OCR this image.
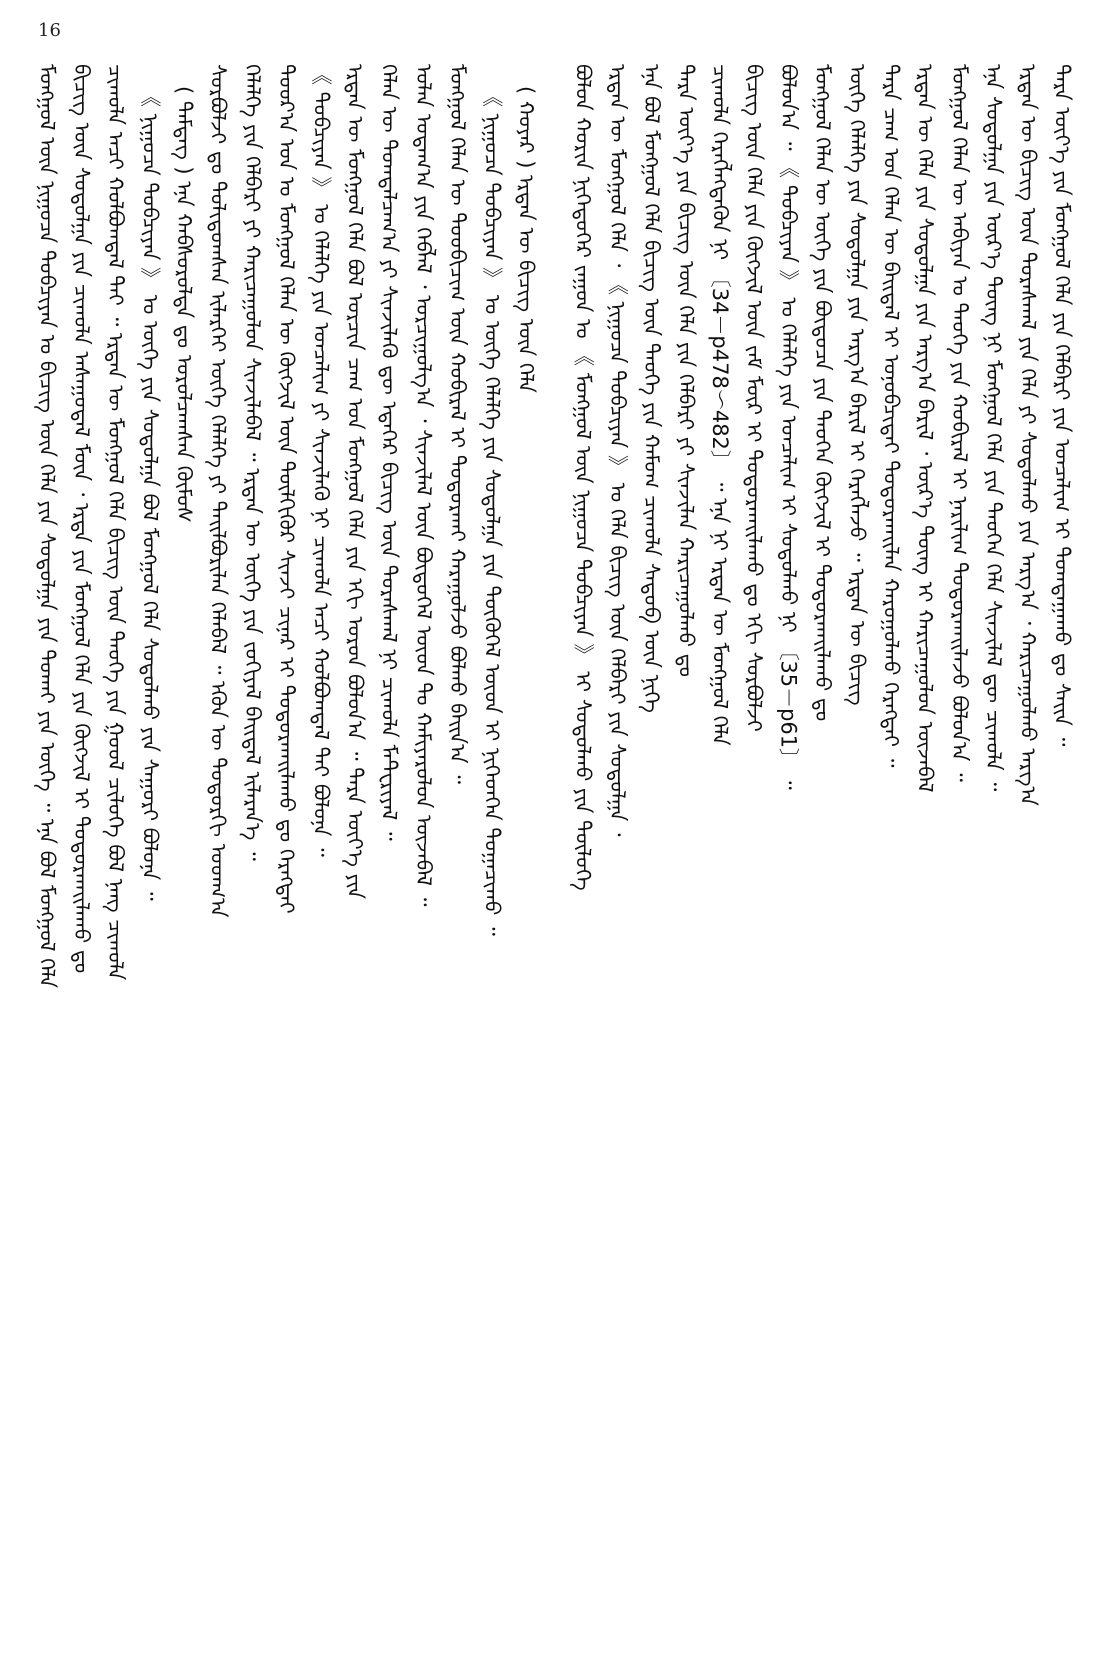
16
ᠮᠣᠩᠭᠣᠯ ᠦᠨ ᠨᠢᠭᠤᠴᠠ ᠲᠣᠪᠴᠢᠶᠠᠨ ᠤ ᠪᠢᠴᠢᠭ ᠦᠨ ᠬᠡᠯᠡ ᠶᠢᠨ ᠰᠤᠳᠤᠯᠭᠠ ᠶᠢᠨ ᠲᠤᠬᠠᠢ ᠶᠢᠨ ᠦᠭᠡ ᠃ ᠡᠨᠡ ᠪᠣᠯ ᠮᠣᠩᠭᠣᠯ ᠬᠡᠯᠡ ᠪᠢᠴᠢᠭ ᠦᠨ ᠰᠤᠳᠤᠯᠭᠠ ᠶᠢᠨ ᠴᠢᠬᠤᠯᠠ ᠠᠰᠠᠭᠤᠳᠠᠯ ᠮᠦᠨ ᠂ ᠡᠷᠲᠡ ᠶᠢᠨ ᠮᠣᠩᠭᠣᠯ ᠬᠡᠯᠡ ᠶᠢᠨ ᠬᠥᠭᠵᠢᠯ ᠢ ᠲᠣᠳᠣᠷᠬᠠᠢᠯᠠᠬᠤ ᠳᠤ ᠴᠢᠬᠤᠯᠠ ᠠᠴᠢ ᠬᠣᠯᠪᠣᠭᠳᠠᠯ ᠲᠠᠢ ᠃ ᠡᠷᠲᠡᠨ ᠦ ᠮᠣᠩᠭᠣᠯ ᠬᠡᠯᠡ ᠪᠢᠴᠢᠭ ᠦᠨ ᠲᠡᠦᠬᠡ ᠶᠢᠨ ᠭᠣᠣᠯ ᠴᠢᠯᠦᠭᠡ ᠪᠣᠯ ᠨᠡᠩ ᠴᠢᠬᠤᠯᠠ 《 ᠨᠢᠭᠤᠴᠠ ᠲᠣᠪᠴᠢᠶᠠᠨ 》 ᠤ ᠦᠭᠡ ᠶᠢᠨ ᠰᠤᠳᠤᠯᠭᠠ ᠪᠣᠯ ᠮᠣᠩᠭᠣᠯ ᠬᠡᠯᠡ ᠰᠤᠳᠤᠯᠬᠤ ᠶᠢᠨ ᠰᠠᠭᠤᠷᠢ ᠪᠣᠯᠤᠨᠠ ᠃ ( ᠲᠡᠮᠳᠡᠭ ) ᠡᠨᠡ ᠬᠠᠪᠰᠤᠷᠤᠯᠲᠠ ᠳᠤ ᠣᠷᠣᠯᠴᠠᠭᠰᠠᠨ ᠬᠦᠮᠦᠰ ᠰᠤᠷᠪᠤᠯᠵᠢ ᠳᠤ ᠲᠣᠯᠢᠳᠤᠭᠰᠠᠨ ᠢᠯᠡᠷᠬᠡᠢ ᠦᠭᠡ ᠬᠡᠯᠡᠯᠭᠡ ᠶᠢ ᠲᠠᠢᠯᠪᠤᠷᠢᠯᠠᠨ ᠬᠡᠯᠡᠪᠡᠯ ᠃ ᠡᠭᠦᠨ ᠦ ᠳᠣᠲᠣᠷᠬᠢ ᠤᠳᠬ᠎ᠠ ᠬᠡᠯᠡᠯᠭᠡ ᠶᠢᠨ ᠬᠡᠯᠪᠡᠷᠢ ᠶᠢ ᠬᠠᠷᠢᠴᠠᠭᠤᠯᠤᠨ ᠰᠢᠨᠵᠢᠯᠡᠪᠡᠯ ᠃ ᠡᠷᠲᠡᠨ ᠦ ᠦᠭᠡ ᠶᠢᠨ ᠵᠣᠬᠢᠶᠠᠯ ᠪᠠᠢᠳᠠᠯ ᠢᠯᠡᠷᠡᠨ᠎ᠡ ᠃ ᠳᠣᠣᠷ᠎ᠠ ᠣᠨ ᠤ ᠮᠣᠩᠭᠣᠯ ᠬᠡᠯᠡᠨ ᠦ ᠬᠥᠭᠵᠢᠯ ᠦᠨ ᠲᠦᠯᠬᠢᠭᠦᠷ ᠰᠢᠨᠵᠢ ᠴᠢᠨᠠᠷ ᠢ ᠲᠣᠳᠣᠷᠬᠠᠢᠯᠠᠬᠤ ᠳᠤ ᠬᠡᠷᠡᠭᠲᠡᠢ 《 ᠲᠣᠪᠴᠢᠶᠠᠨ 》 ᠤ ᠬᠡᠯᠡᠯᠭᠡ ᠶᠢᠨ ᠣᠨᠴᠠᠯᠢᠭ ᠶᠢ ᠰᠢᠨᠵᠢᠯᠡᠬᠦ ᠨᠢ ᠴᠢᠬᠤᠯᠠ ᠠᠴᠢ ᠬᠣᠯᠪᠣᠭᠳᠠᠯ ᠲᠠᠢ ᠪᠣᠯᠤᠨᠠ ᠃ ᠡᠷᠲᠡᠨ ᠦ ᠮᠣᠩᠭᠣᠯ ᠬᠡᠯᠡ ᠪᠣᠯ ᠣᠷᠴᠢᠨ ᠴᠠᠭ ᠤᠨ ᠮᠣᠩᠭᠣᠯ ᠬᠡᠯᠡ ᠶᠢᠨ ᠡᠬᠢ ᠣᠷᠣᠨ ᠪᠣᠯᠤᠨ᠎ᠠ ᠃ ᠲᠡᠷᠡ ᠦᠶ᠎ᠡ ᠶᠢᠨ ᠬᠡᠯᠡᠨ ᠦ ᠲᠣᠭᠲᠠᠯᠴᠠᠭ᠎ᠠ ᠶᠢ ᠰᠢᠨᠵᠢᠯᠡᠬᠦ ᠳᠦ ᠡᠳᠡᠭᠡᠷ ᠪᠢᠴᠢᠭ ᠦᠨ ᠳᠤᠷᠠᠰᠬᠠᠯ ᠨᠢ ᠴᠢᠬᠤᠯᠠ ᠮᠠᠲᠸᠷᠢᠶᠠᠯ ᠃ ᠣᠯᠠᠨ ᠤᠳᠠᠭ᠎ᠠ ᠶᠢᠨ ᠬᠡᠪᠯᠡᠯ ᠂ ᠣᠷᠴᠢᠭᠤᠯᠭ᠎ᠠ ᠂ ᠰᠢᠨᠵᠢᠯᠡᠯ ᠦᠨ ᠪᠦᠲᠦᠭᠡᠯ ᠦᠳ ᠲᠤ ᠬᠠᠮᠢᠶᠠᠷᠤᠯᠤᠨ ᠦᠵᠡᠪᠡᠯ ᠃ ᠮᠣᠩᠭᠣᠯ ᠬᠡᠯᠡᠨ ᠦ ᠳᠤᠤᠪᠢᠴᠢᠭ ᠦᠨ ᠬᠤᠪᠢᠷᠠᠯ ᠢ ᠲᠣᠳᠣᠷᠬᠠᠢ ᠬᠠᠷᠠᠭᠤᠯᠵᠤ ᠪᠣᠯᠬᠤ ᠪᠠᠢᠨ᠎ᠠ ᠃ 《 ᠨᠢᠭᠤᠴᠠ ᠲᠣᠪᠴᠢᠶᠠᠨ 》 ᠤ ᠦᠭᠡ ᠬᠡᠯᠡᠯᠭᠡ ᠶᠢᠨ ᠰᠤᠳᠤᠯᠭᠠ ᠶᠢᠨ ᠲᠦᠬᠦᠬᠡᠯ ᠦᠳ ᠢ ᠨᠢᠭᠡᠳᠬᠡᠨ ᠲᠣᠭᠠᠴᠢᠬᠤ ᠃ ( ᠬᠣᠶᠠᠷ ) ᠡᠷᠲᠡᠨ ᠦ ᠪᠢᠴᠢᠭ ᠦᠨ ᠬᠡᠯᠡ ᠪᠣᠯᠤᠨ ᠬᠣᠷᠢᠨ ᠨᠢᠭᠡᠳᠦᠭᠡᠷ ᠵᠠᠭᠤᠨ ᠤ 《 ᠮᠣᠩᠭᠣᠯ ᠦᠨ ᠨᠢᠭᠤᠴᠠ ᠲᠣᠪᠴᠢᠶᠠᠨ 》 ᠢ ᠰᠤᠳᠤᠯᠬᠤ ᠶᠢᠨ ᠲᠥᠯᠦᠭᠡ ᠡᠷᠲᠡᠨ ᠦ ᠮᠣᠩᠭᠣᠯ ᠬᠡᠯᠡ ᠂ 《 ᠨᠢᠭᠤᠴᠠ ᠲᠣᠪᠴᠢᠶᠠᠨ 》 ᠤ ᠬᠡᠯᠡ ᠪᠢᠴᠢᠭ ᠦᠨ ᠬᠡᠯᠪᠡᠷᠢ ᠶᠢᠨ ᠰᠤᠳᠤᠯᠭᠠ ᠂ ᠡᠨᠡ ᠪᠣᠯ ᠮᠣᠩᠭᠣᠯ ᠬᠡᠯᠡ ᠪᠢᠴᠢᠭ ᠦᠨ ᠲᠡᠦᠬᠡ ᠶᠢᠨ ᠬᠠᠮᠤᠭ ᠴᠢᠬᠤᠯᠠ ᠰᠡᠳᠦᠪ ᠦᠨ ᠨᠢᠭᠡ ᠲᠡᠷᠡ ᠦᠶ᠎ᠡ ᠶᠢᠨ ᠪᠢᠴᠢᠭ ᠦᠨ ᠬᠡᠯᠡ ᠶᠢᠨ ᠬᠡᠯᠪᠡᠷᠢ ᠶᠢ ᠰᠢᠨᠵᠢᠯᠡᠨ ᠬᠠᠷᠢᠴᠠᠭᠤᠯᠬᠤ ᠳᠤ ᠴᠢᠬᠤᠯᠠ ᠬᠡᠷᠡᠭᠯᠡᠭᠳᠡᠬᠦᠨ ᠨᠢ 〔34－p478～482〕 ᠃ ᠡᠨᠡ ᠨᠢ ᠡᠷᠲᠡᠨ ᠦ ᠮᠣᠩᠭᠣᠯ ᠬᠡᠯᠡ ᠪᠢᠴᠢᠭ ᠦᠨ ᠬᠡᠯᠡ ᠶᠢᠨ ᠬᠥᠭᠵᠢᠯ ᠦᠨ ᠵᠠᠮ ᠮᠥᠷ ᠢ ᠲᠣᠳᠣᠷᠬᠠᠢᠯᠠᠬᠤ ᠳᠤ ᠡᠬᠢ ᠰᠤᠷᠪᠤᠯᠵᠢ ᠪᠣᠯᠤᠨ᠎ᠠ ᠃ 《 ᠲᠣᠪᠴᠢᠶᠠᠨ 》 ᠤ ᠬᠡᠯᠡᠯᠭᠡ ᠶᠢᠨ ᠣᠨᠴᠠᠯᠢᠭ ᠢ ᠰᠤᠳᠤᠯᠬᠤ ᠨᠢ 〔35－p61〕 ᠃ ᠮᠣᠩᠭᠣᠯ ᠬᠡᠯᠡᠨ ᠦ ᠦᠭᠡ ᠶᠢᠨ ᠪᠦᠲᠦᠴᠡ ᠶᠢᠨ ᠲᠡᠦᠬᠡᠨ ᠬᠥᠭᠵᠢᠯ ᠢ ᠲᠣᠳᠣᠷᠬᠠᠢᠯᠠᠬᠤ ᠳᠤ ᠦᠭᠡ ᠬᠡᠯᠡᠯᠭᠡ ᠶᠢᠨ ᠰᠤᠳᠤᠯᠭᠠ ᠶᠢᠨ ᠠᠷᠭ᠎ᠠ ᠪᠠᠷᠢᠯ ᠢ ᠬᠡᠷᠡᠭᠯᠡᠵᠦ ᠃ ᠡᠷᠲᠡᠨ ᠦ ᠪᠢᠴᠢᠭ ᠲᠡᠷᠡ ᠴᠠᠭ ᠤᠨ ᠬᠡᠯᠡᠨ ᠦ ᠪᠠᠢᠳᠠᠯ ᠢ ᠣᠨᠣᠪᠴᠢᠲᠠᠢ ᠲᠣᠳᠣᠷᠬᠠᠢᠯᠠᠨ ᠬᠠᠷᠤᠭᠤᠯᠬᠤ ᠬᠡᠷᠡᠭᠲᠡᠢ ᠃ ᠡᠷᠲᠡᠨ ᠦ ᠬᠡᠯᠡ ᠶᠢᠨ ᠰᠤᠳᠤᠯᠭᠠ ᠶᠢᠨ ᠠᠷᠭ᠎ᠠ ᠪᠠᠷᠢᠯ ᠂ ᠦᠷ᠎ᠡ ᠳᠦᠩ ᠢ ᠬᠠᠷᠢᠴᠠᠭᠤᠯᠤᠨ ᠦᠵᠡᠪᠡᠯ ᠮᠣᠩᠭᠣᠯ ᠬᠡᠯᠡᠨ ᠦ ᠠᠪᠢᠶᠠᠨ ᠤ ᠲᠡᠦᠬᠡ ᠶᠢᠨ ᠬᠤᠪᠢᠷᠠᠯ ᠢ ᠨᠠᠷᠢᠯᠢᠭ ᠲᠣᠳᠣᠷᠬᠠᠢᠯᠠᠵᠤ ᠪᠣᠯᠤᠨ᠎ᠠ ᠃ ᠡᠨᠡ ᠰᠤᠳᠤᠯᠭᠠ ᠶᠢᠨ ᠦᠷ᠎ᠡ ᠳᠦᠩ ᠨᠢ ᠮᠣᠩᠭᠣᠯ ᠬᠡᠯᠡ ᠶᠢᠨ ᠲᠡᠦᠬᠡᠨ ᠬᠡᠯᠡ ᠰᠢᠨᠵᠢᠯᠡᠯ ᠳᠦ ᠴᠢᠬᠤᠯᠠ ᠃ ᠡᠷᠲᠡᠨ ᠦ ᠪᠢᠴᠢᠭ ᠦᠨ ᠳᠤᠷᠠᠰᠬᠠᠯ ᠶᠢᠨ ᠬᠡᠯᠡ ᠶᠢ ᠰᠤᠳᠤᠯᠬᠤ ᠶᠢᠨ ᠠᠷᠭ᠎ᠠ ᠂ ᠬᠠᠷᠢᠴᠠᠭᠤᠯᠬᠤ ᠠᠷᠭ᠎ᠠ ᠲᠡᠷᠡ ᠦᠶ᠎ᠡ ᠶᠢᠨ ᠮᠣᠩᠭᠣᠯ ᠬᠡᠯᠡ ᠶᠢᠨ ᠬᠡᠯᠪᠡᠷᠢ ᠶᠢᠨ ᠣᠨᠴᠠᠯᠢᠭ ᠢ ᠲᠣᠭᠲᠠᠭᠠᠬᠤ ᠳᠤ ᠰᠠᠢᠨ ᠃
